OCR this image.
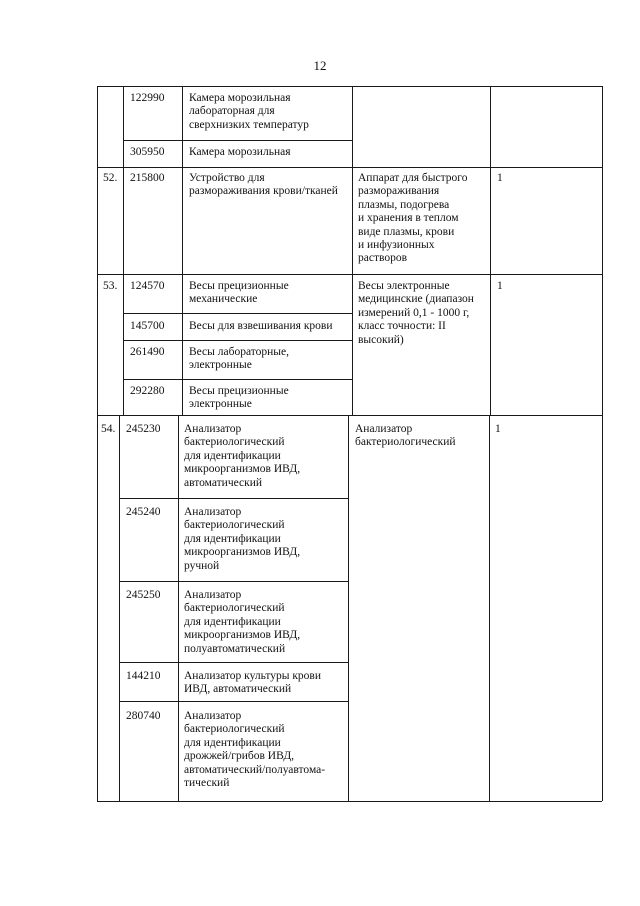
12
122990 Камера морозильная
лабораторная для
сверхнизких температур
305950 Камера морозильная
52. 215800 Устройство для
размораживания крови/тканей
Аппарат для быстрого
размораживания
плазмы, подогрева
и хранения в теплом
виде плазмы, крови
и инфузионных
растворов
1
53. 124570 Весы прецизионные
механические
145700 Весы для взвешивания крови
261490 Весы лабораторные,
электронные
292280 Весы прецизионные
электронные
Весы электронные
медицинские (диапазон
измерений 0,1 - 1000 г,
класс точности: II
высокий)
1
54. 245230 Анализатор
бактериологический
для идентификации
микроорганизмов ИВД,
автоматический
245240 Анализатор
бактериологический
для идентификации
микроорганизмов ИВД,
ручной
245250 Анализатор
бактериологический
для идентификации
микроорганизмов ИВД,
полуавтоматический
144210 Анализатор культуры крови
ИВД, автоматический
280740 Анализатор
бактериологический
для идентификации
дрожжей/грибов ИВД,
автоматический/полуавтома-
тический
Анализатор
бактериологический
1
